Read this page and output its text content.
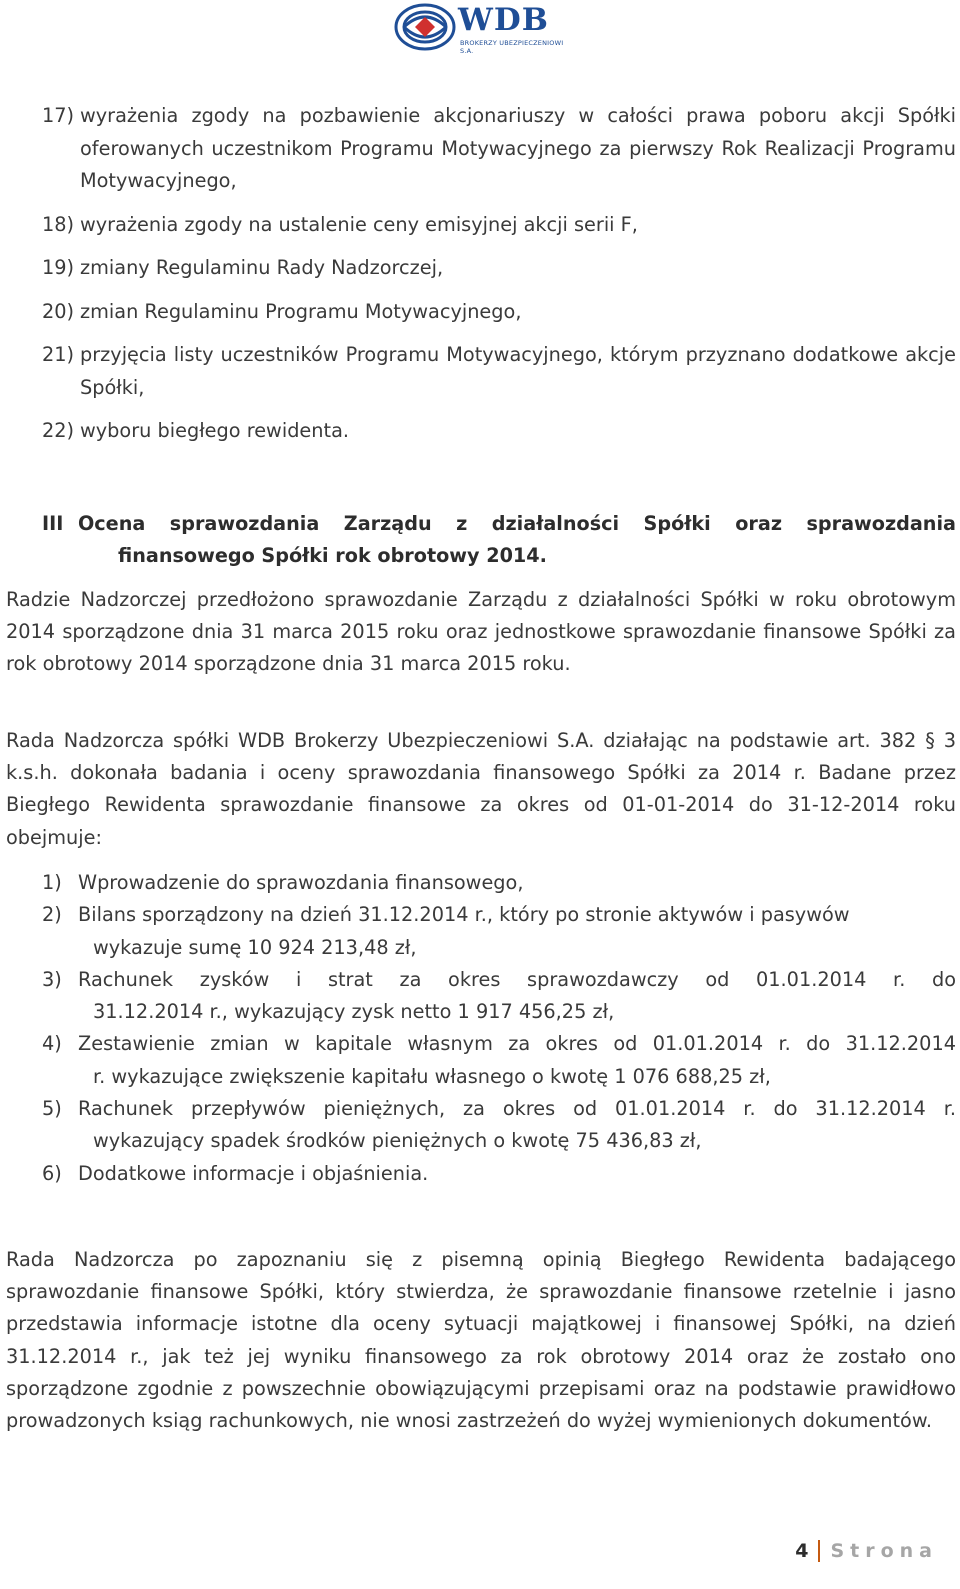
WDB
BROKERZY UBEZPIECZENIOWI S.A.
17) wyrażenia zgody na pozbawienie akcjonariuszy w całości prawa poboru akcji Spółki oferowanych uczestnikom Programu Motywacyjnego za pierwszy Rok Realizacji Programu Motywacyjnego,
18) wyrażenia zgody na ustalenie ceny emisyjnej akcji serii F,
19) zmiany Regulaminu Rady Nadzorczej,
20) zmian Regulaminu Programu Motywacyjnego,
21) przyjęcia listy uczestników Programu Motywacyjnego, którym przyznano dodatkowe akcje Spółki,
22) wyboru biegłego rewidenta.
III Ocena sprawozdania Zarządu z działalności Spółki oraz sprawozdania
finansowego Spółki rok obrotowy 2014.
Radzie Nadzorczej przedłożono sprawozdanie Zarządu z działalności Spółki w roku obrotowym 2014 sporządzone dnia 31 marca 2015 roku oraz jednostkowe sprawozdanie finansowe Spółki za rok obrotowy 2014 sporządzone dnia 31 marca 2015 roku.
Rada Nadzorcza spółki WDB Brokerzy Ubezpieczeniowi S.A. działając na podstawie art. 382 § 3 k.s.h. dokonała badania i oceny sprawozdania finansowego Spółki za 2014 r. Badane przez Biegłego Rewidenta sprawozdanie finansowe za okres od 01-01-2014 do 31-12-2014 roku obejmuje:
1) Wprowadzenie do sprawozdania finansowego,
2) Bilans sporządzony na dzień 31.12.2014 r., który po stronie aktywów i pasywów
wykazuje sumę 10 924 213,48 zł,
3) Rachunek zysków i strat za okres sprawozdawczy od 01.01.2014 r. do
31.12.2014 r., wykazujący zysk netto 1 917 456,25 zł,
4) Zestawienie zmian w kapitale własnym za okres od 01.01.2014 r. do 31.12.2014
r. wykazujące zwiększenie kapitału własnego o kwotę 1 076 688,25 zł,
5) Rachunek przepływów pieniężnych, za okres od 01.01.2014 r. do 31.12.2014 r.
wykazujący spadek środków pieniężnych o kwotę 75 436,83 zł,
6) Dodatkowe informacje i objaśnienia.
Rada Nadzorcza po zapoznaniu się z pisemną opinią Biegłego Rewidenta badającego sprawozdanie finansowe Spółki, który stwierdza, że sprawozdanie finansowe rzetelnie i jasno przedstawia informacje istotne dla oceny sytuacji majątkowej i finansowej Spółki, na dzień 31.12.2014 r., jak też jej wyniku finansowego za rok obrotowy 2014 oraz że zostało ono sporządzone zgodnie z powszechnie obowiązującymi przepisami oraz na podstawie prawidłowo prowadzonych ksiąg rachunkowych, nie wnosi zastrzeżeń do wyżej wymienionych dokumentów.
4 Strona
